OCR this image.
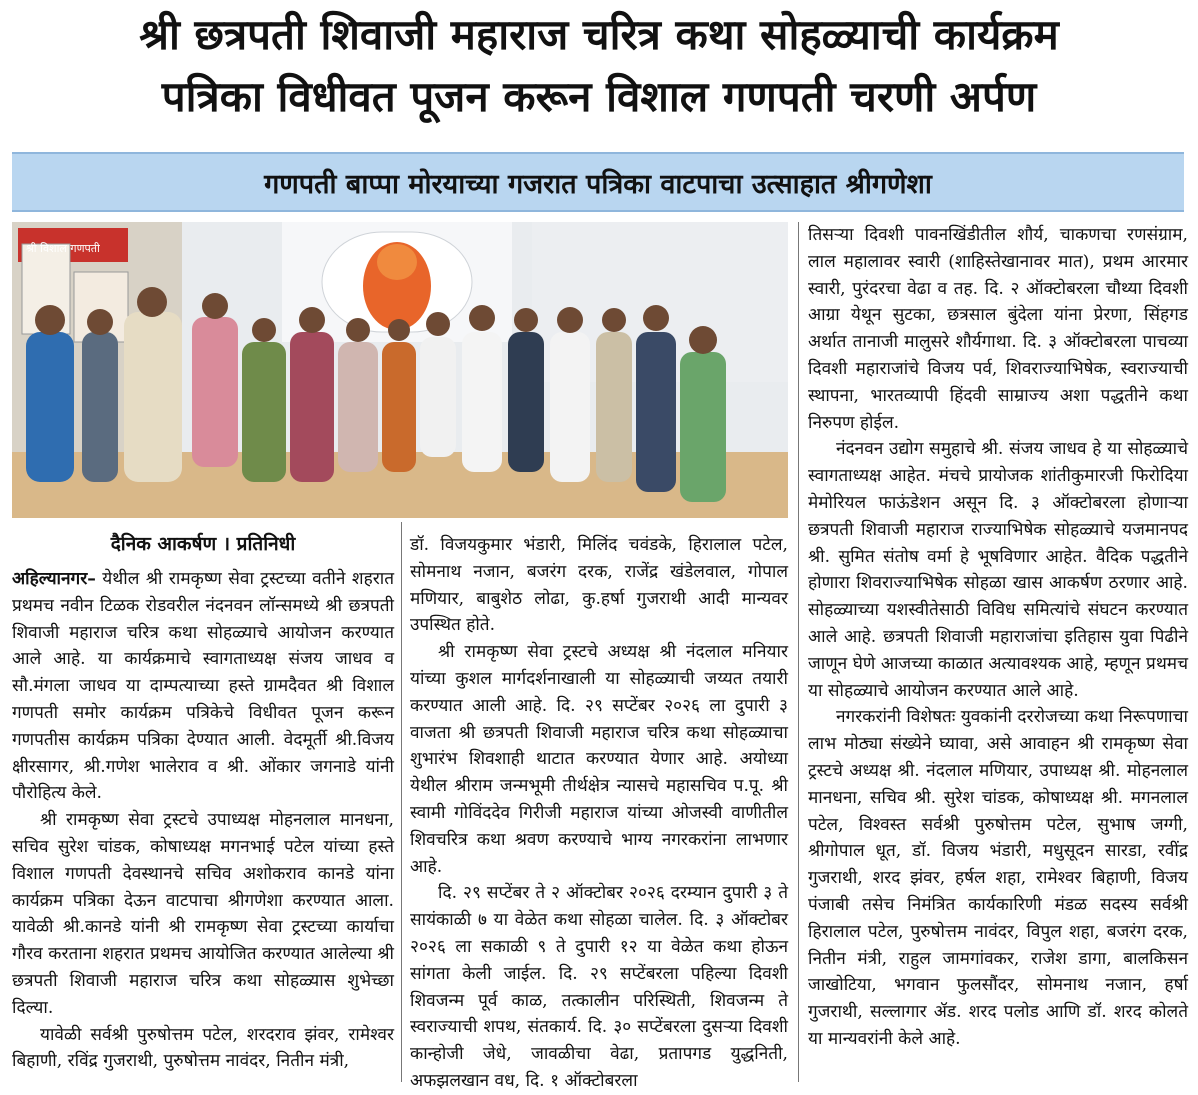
श्री छत्रपती शिवाजी महाराज चरित्र कथा सोहळ्याची कार्यक्रम
पत्रिका विधीवत पूजन करून विशाल गणपती चरणी अर्पण
गणपती बाप्पा मोरयाच्या गजरात पत्रिका वाटपाचा उत्साहात श्रीगणेशा
श्री विशाल गणपती
दैनिक आकर्षण । प्रतिनिधी

अहिल्यानगर– येथील श्री रामकृष्ण सेवा ट्रस्टच्या वतीने शहरात प्रथमच नवीन टिळक रोडवरील नंदनवन लॉन्समध्ये श्री छत्रपती शिवाजी महाराज चरित्र कथा सोहळ्याचे आयोजन करण्यात आले आहे. या कार्यक्रमाचे स्वागताध्यक्ष संजय जाधव व सौ.मंगला जाधव या दाम्पत्याच्या हस्ते ग्रामदैवत श्री विशाल गणपती समोर कार्यक्रम पत्रिकेचे विधीवत पूजन करून गणपतीस कार्यक्रम पत्रिका देण्यात आली. वेदमूर्ती श्री.विजय क्षीरसागर, श्री.गणेश भालेराव व श्री. ओंकार जगनाडे यांनी पौरोहित्य केले.

श्री रामकृष्ण सेवा ट्रस्टचे उपाध्यक्ष मोहनलाल मानधना, सचिव सुरेश चांडक, कोषाध्यक्ष मगनभाई पटेल यांच्या हस्ते विशाल गणपती देवस्थानचे सचिव अशोकराव कानडे यांना कार्यक्रम पत्रिका देऊन वाटपाचा श्रीगणेशा करण्यात आला. यावेळी श्री.कानडे यांनी श्री रामकृष्ण सेवा ट्रस्टच्या कार्याचा गौरव करताना शहरात प्रथमच आयोजित करण्यात आलेल्या श्री छत्रपती शिवाजी महाराज चरित्र कथा सोहळ्यास शुभेच्छा दिल्या.

यावेळी सर्वश्री पुरुषोत्तम पटेल, शरदराव झंवर, रामेश्वर बिहाणी, रविंद्र गुजराथी, पुरुषोत्तम नावंदर, नितीन मंत्री,

डॉ. विजयकुमार भंडारी, मिलिंद चवंडके, हिरालाल पटेल, सोमनाथ नजान, बजरंग दरक, राजेंद्र खंडेलवाल, गोपाल मणियार, बाबुशेठ लोढा, कु.हर्षा गुजराथी आदी मान्यवर उपस्थित होते.

श्री रामकृष्ण सेवा ट्रस्टचे अध्यक्ष श्री नंदलाल मनियार यांच्या कुशल मार्गदर्शनाखाली या सोहळ्याची जय्यत तयारी करण्यात आली आहे. दि. २९ सप्टेंबर २०२६ ला दुपारी ३ वाजता श्री छत्रपती शिवाजी महाराज चरित्र कथा सोहळ्याचा शुभारंभ शिवशाही थाटात करण्यात येणार आहे. अयोध्या येथील श्रीराम जन्मभूमी तीर्थक्षेत्र न्यासचे महासचिव प.पू. श्री स्वामी गोविंददेव गिरीजी महाराज यांच्या ओजस्वी वाणीतील शिवचरित्र कथा श्रवण करण्याचे भाग्य नगरकरांना लाभणार आहे.

दि. २९ सप्टेंबर ते २ ऑक्टोबर २०२६ दरम्यान दुपारी ३ ते सायंकाळी ७ या वेळेत कथा सोहळा चालेल. दि. ३ ऑक्टोबर २०२६ ला सकाळी ९ ते दुपारी १२ या वेळेत कथा होऊन सांगता केली जाईल. दि. २९ सप्टेंबरला पहिल्या दिवशी शिवजन्म पूर्व काळ, तत्कालीन परिस्थिती, शिवजन्म ते स्वराज्याची शपथ, संतकार्य. दि. ३० सप्टेंबरला दुसऱ्या दिवशी कान्होजी जेधे, जावळीचा वेढा, प्रतापगड युद्धनिती, अफझलखान वध, दि. १ ऑक्टोबरला

तिसऱ्या दिवशी पावनखिंडीतील शौर्य, चाकणचा रणसंग्राम, लाल महालावर स्वारी (शाहिस्तेखानावर मात), प्रथम आरमार स्वारी, पुरंदरचा वेढा व तह. दि. २ ऑक्टोबरला चौथ्या दिवशी आग्रा येथून सुटका, छत्रसाल बुंदेला यांना प्रेरणा, सिंहगड अर्थात तानाजी मालुसरे शौर्यगाथा. दि. ३ ऑक्टोबरला पाचव्या दिवशी महाराजांचे विजय पर्व, शिवराज्याभिषेक, स्वराज्याची स्थापना, भारतव्यापी हिंदवी साम्राज्य अशा पद्धतीने कथा निरुपण होईल.

नंदनवन उद्योग समुहाचे श्री. संजय जाधव हे या सोहळ्याचे स्वागताध्यक्ष आहेत. मंचचे प्रायोजक शांतीकुमारजी फिरोदिया मेमोरियल फाऊंडेशन असून दि. ३ ऑक्टोबरला होणाऱ्या छत्रपती शिवाजी महाराज राज्याभिषेक सोहळ्याचे यजमानपद श्री. सुमित संतोष वर्मा हे भूषविणार आहेत. वैदिक पद्धतीने होणारा शिवराज्याभिषेक सोहळा खास आकर्षण ठरणार आहे. सोहळ्याच्या यशस्वीतेसाठी विविध समित्यांचे संघटन करण्यात आले आहे. छत्रपती शिवाजी महाराजांचा इतिहास युवा पिढीने जाणून घेणे आजच्या काळात अत्यावश्यक आहे, म्हणून प्रथमच या सोहळ्याचे आयोजन करण्यात आले आहे.

नगरकरांनी विशेषतः युवकांनी दररोजच्या कथा निरूपणाचा लाभ मोठ्या संख्येने घ्यावा, असे आवाहन श्री रामकृष्ण सेवा ट्रस्टचे अध्यक्ष श्री. नंदलाल मणियार, उपाध्यक्ष श्री. मोहनलाल मानधना, सचिव श्री. सुरेश चांडक, कोषाध्यक्ष श्री. मगनलाल पटेल, विश्वस्त सर्वश्री पुरुषोत्तम पटेल, सुभाष जग्गी, श्रीगोपाल धूत, डॉ. विजय भंडारी, मधुसूदन सारडा, रवींद्र गुजराथी, शरद झंवर, हर्षल शहा, रामेश्वर बिहाणी, विजय पंजाबी तसेच निमंत्रित कार्यकारिणी मंडळ सदस्य सर्वश्री हिरालाल पटेल, पुरुषोत्तम नावंदर, विपुल शहा, बजरंग दरक, नितीन मंत्री, राहुल जामगांवकर, राजेश डागा, बालकिसन जाखोटिया, भगवान फुलसौंदर, सोमनाथ नजान, हर्षा गुजराथी, सल्लागार ॲड. शरद पलोड आणि डॉ. शरद कोलते या मान्यवरांनी केले आहे.
